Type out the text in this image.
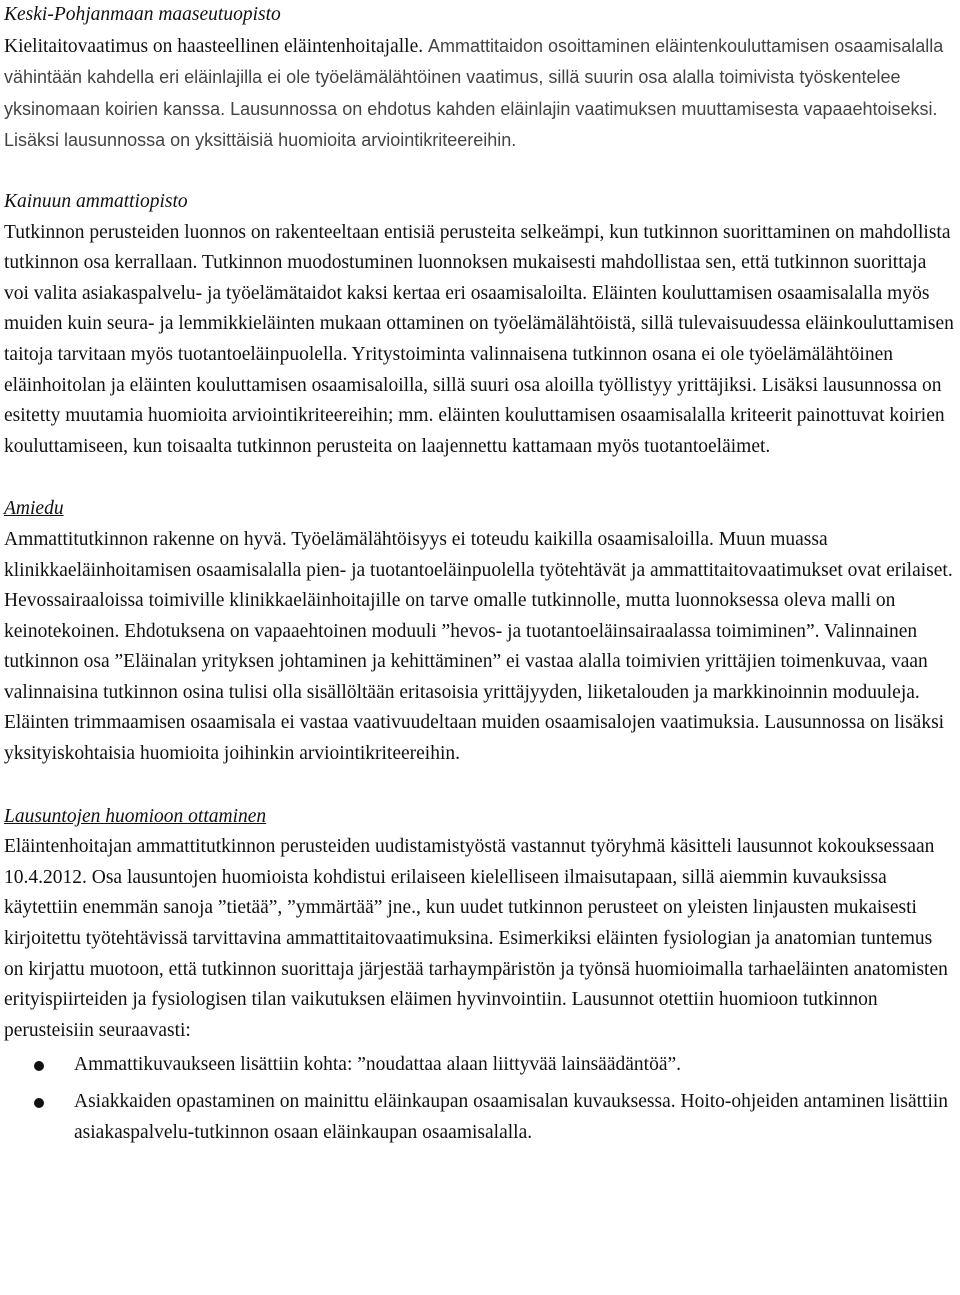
Keski-Pohjanmaan maaseutuopisto

Kielitaitovaatimus on haasteellinen eläintenhoitajalle. Ammattitaidon osoittaminen eläintenkouluttamisen osaamisalalla vähintään kahdella eri eläinlajilla ei ole työelämälähtöinen vaatimus, sillä suurin osa alalla toimivista työskentelee yksinomaan koirien kanssa. Lausunnossa on ehdotus kahden eläinlajin vaatimuksen muuttamisesta vapaaehtoiseksi. Lisäksi lausunnossa on yksittäisiä huomioita arviointikriteereihin.

Kainuun ammattiopisto

Tutkinnon perusteiden luonnos on rakenteeltaan entisiä perusteita selkeämpi, kun tutkinnon suorittaminen on mahdollista tutkinnon osa kerrallaan. Tutkinnon muodostuminen luonnoksen mukaisesti mahdollistaa sen, että tutkinnon suorittaja voi valita asiakaspalvelu- ja työelämätaidot kaksi kertaa eri osaamisaloilta. Eläinten kouluttamisen osaamisalalla myös muiden kuin seura- ja lemmikkieläinten mukaan ottaminen on työelämälähtöistä, sillä tulevaisuudessa eläinkouluttamisen taitoja tarvitaan myös tuotantoeläinpuolella. Yritystoiminta valinnaisena tutkinnon osana ei ole työelämälähtöinen eläinhoitolan ja eläinten kouluttamisen osaamisaloilla, sillä suuri osa aloilla työllistyy yrittäjiksi. Lisäksi lausunnossa on esitetty muutamia huomioita arviointikriteereihin; mm. eläinten kouluttamisen osaamisalalla kriteerit painottuvat koirien kouluttamiseen, kun toisaalta tutkinnon perusteita on laajennettu kattamaan myös tuotantoeläimet.

Amiedu

Ammattitutkinnon rakenne on hyvä. Työelämälähtöisyys ei toteudu kaikilla osaamisaloilla. Muun muassa klinikkaeläinhoitamisen osaamisalalla pien- ja tuotantoeläinpuolella työtehtävät ja ammattitaitovaatimukset ovat erilaiset. Hevossairaaloissa toimiville klinikkaeläinhoitajille on tarve omalle tutkinnolle, mutta luonnoksessa oleva malli on keinotekoinen. Ehdotuksena on vapaaehtoinen moduuli ”hevos- ja tuotantoeläinsairaalassa toimiminen”. Valinnainen tutkinnon osa ”Eläinalan yrityksen johtaminen ja kehittäminen” ei vastaa alalla toimivien yrittäjien toimenkuvaa, vaan valinnaisina tutkinnon osina tulisi olla sisällöltään eritasoisia yrittäjyyden, liiketalouden ja markkinoinnin moduuleja. Eläinten trimmaamisen osaamisala ei vastaa vaativuudeltaan muiden osaamisalojen vaatimuksia. Lausunnossa on lisäksi yksityiskohtaisia huomioita joihinkin arviointikriteereihin.

Lausuntojen huomioon ottaminen

Eläintenhoitajan ammattitutkinnon perusteiden uudistamistyöstä vastannut työryhmä käsitteli lausunnot kokouksessaan 10.4.2012. Osa lausuntojen huomioista kohdistui erilaiseen kielelliseen ilmaisutapaan, sillä aiemmin kuvauksissa käytettiin enemmän sanoja ”tietää”, ”ymmärtää” jne., kun uudet tutkinnon perusteet on yleisten linjausten mukaisesti kirjoitettu työtehtävissä tarvittavina ammattitaitovaatimuksina. Esimerkiksi eläinten fysiologian ja anatomian tuntemus on kirjattu muotoon, että tutkinnon suorittaja järjestää tarhaympäristön ja työnsä huomioimalla tarhaeläinten anatomisten erityispiirteiden ja fysiologisen tilan vaikutuksen eläimen hyvinvointiin. Lausunnot otettiin huomioon tutkinnon perusteisiin seuraavasti:

Ammattikuvaukseen lisättiin kohta: ”noudattaa alaan liittyvää lainsäädäntöä”.
Asiakkaiden opastaminen on mainittu eläinkaupan osaamisalan kuvauksessa. Hoito-ohjeiden antaminen lisättiin asiakaspalvelu-tutkinnon osaan eläinkaupan osaamisalalla.
